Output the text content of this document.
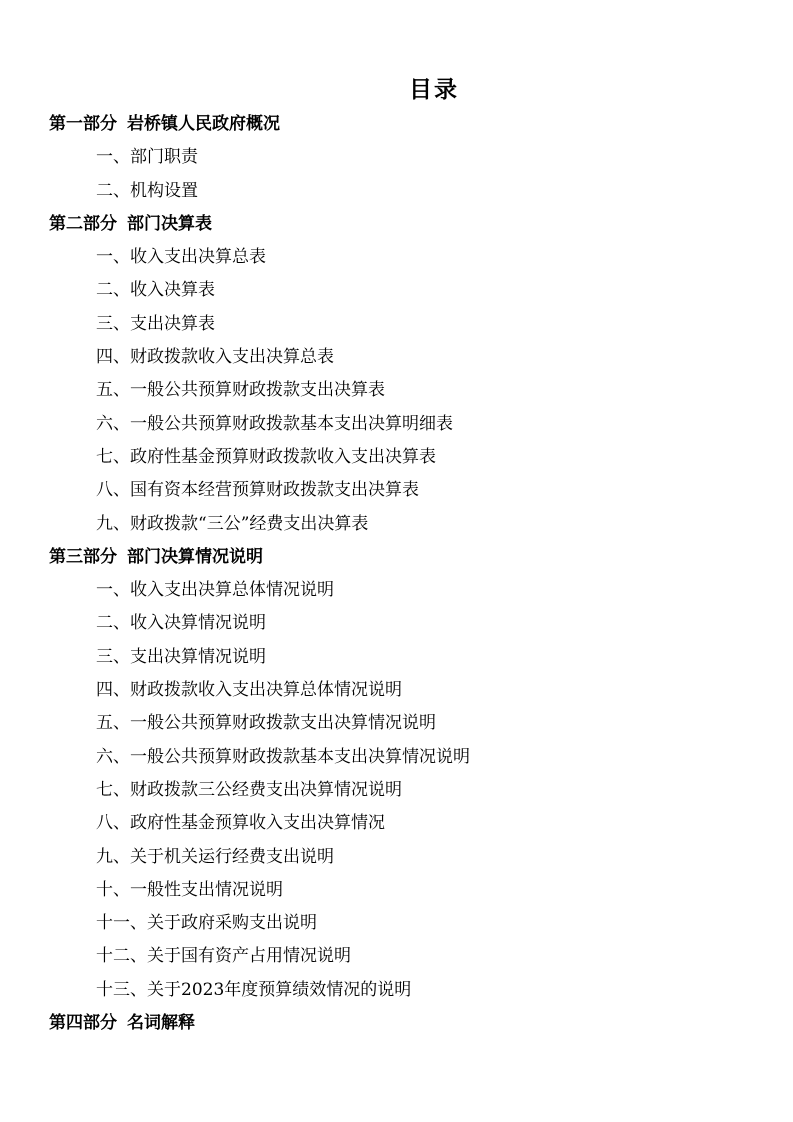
目录
第一部分 岩桥镇人民政府概况
一、部门职责
二、机构设置
第二部分 部门决算表
一、收入支出决算总表
二、收入决算表
三、支出决算表
四、财政拨款收入支出决算总表
五、一般公共预算财政拨款支出决算表
六、一般公共预算财政拨款基本支出决算明细表
七、政府性基金预算财政拨款收入支出决算表
八、国有资本经营预算财政拨款支出决算表
九、财政拨款“三公”经费支出决算表
第三部分 部门决算情况说明
一、收入支出决算总体情况说明
二、收入决算情况说明
三、支出决算情况说明
四、财政拨款收入支出决算总体情况说明
五、一般公共预算财政拨款支出决算情况说明
六、一般公共预算财政拨款基本支出决算情况说明
七、财政拨款三公经费支出决算情况说明
八、政府性基金预算收入支出决算情况
九、关于机关运行经费支出说明
十、一般性支出情况说明
十一、关于政府采购支出说明
十二、关于国有资产占用情况说明
十三、关于2023年度预算绩效情况的说明
第四部分 名词解释
